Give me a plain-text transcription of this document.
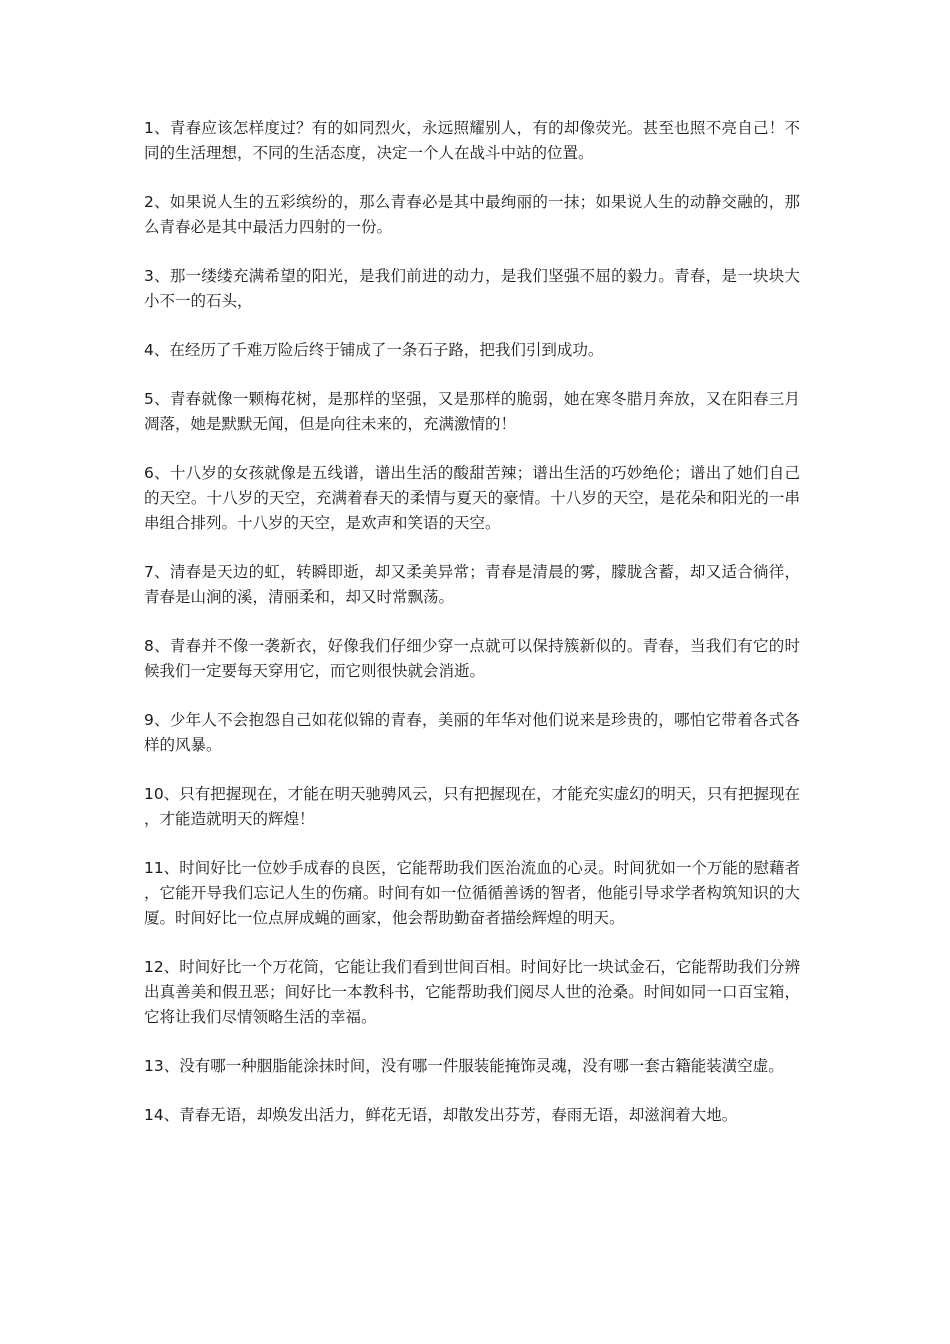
1、青春应该怎样度过？有的如同烈火，永远照耀别人，有的却像荧光。甚至也照不亮自己！不同的生活理想，不同的生活态度，决定一个人在战斗中站的位置。

2、如果说人生的五彩缤纷的，那么青春必是其中最绚丽的一抹；如果说人生的动静交融的，那么青春必是其中最活力四射的一份。

3、那一缕缕充满希望的阳光，是我们前进的动力，是我们坚强不屈的毅力。青春，是一块块大小不一的石头，

4、在经历了千难万险后终于铺成了一条石子路，把我们引到成功。

5、青春就像一颗梅花树，是那样的坚强，又是那样的脆弱，她在寒冬腊月奔放，又在阳春三月凋落，她是默默无闻，但是向往未来的，充满激情的！

6、十八岁的女孩就像是五线谱，谱出生活的酸甜苦辣；谱出生活的巧妙绝伦；谱出了她们自己的天空。十八岁的天空，充满着春天的柔情与夏天的豪情。十八岁的天空，是花朵和阳光的一串串组合排列。十八岁的天空，是欢声和笑语的天空。

7、清春是天边的虹，转瞬即逝，却又柔美异常；青春是清晨的雾，朦胧含蓄，却又适合徜徉，青春是山涧的溪，清丽柔和，却又时常飘荡。

8、青春并不像一袭新衣，好像我们仔细少穿一点就可以保持簇新似的。青春，当我们有它的时候我们一定要每天穿用它，而它则很快就会消逝。

9、少年人不会抱怨自己如花似锦的青春，美丽的年华对他们说来是珍贵的，哪怕它带着各式各样的风暴。

10、只有把握现在，才能在明天驰骋风云，只有把握现在，才能充实虚幻的明天，只有把握现在，才能造就明天的辉煌！

11、时间好比一位妙手成春的良医，它能帮助我们医治流血的心灵。时间犹如一个万能的慰藉者，它能开导我们忘记人生的伤痛。时间有如一位循循善诱的智者，他能引导求学者构筑知识的大厦。时间好比一位点屏成蝇的画家，他会帮助勤奋者描绘辉煌的明天。

12、时间好比一个万花筒，它能让我们看到世间百相。时间好比一块试金石，它能帮助我们分辨出真善美和假丑恶；间好比一本教科书，它能帮助我们阅尽人世的沧桑。时间如同一口百宝箱，它将让我们尽情领略生活的幸福。

13、没有哪一种胭脂能涂抹时间，没有哪一件服装能掩饰灵魂，没有哪一套古籍能装潢空虚。

14、青春无语，却焕发出活力，鲜花无语，却散发出芬芳，春雨无语，却滋润着大地。
